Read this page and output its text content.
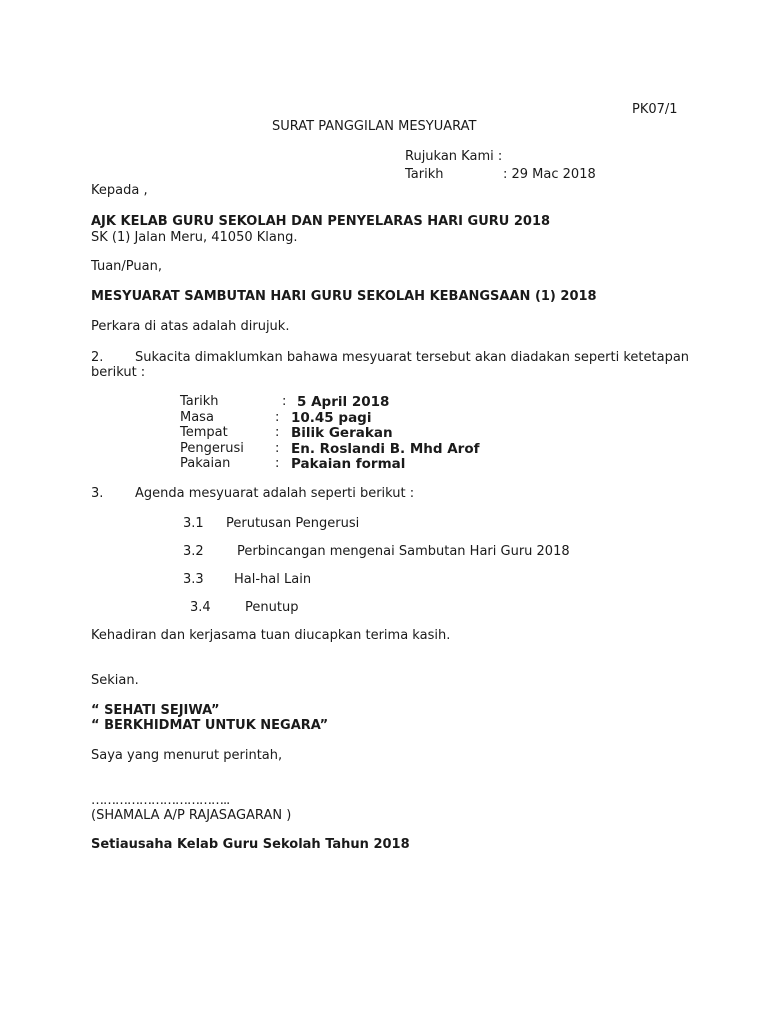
PK07/1
SURAT PANGGILAN MESYUARAT
Rujukan Kami :
Tarikh	: 29 Mac 2018
Kepada ,
AJK KELAB GURU SEKOLAH DAN PENYELARAS HARI GURU 2018
SK (1) Jalan Meru, 41050 Klang.
Tuan/Puan,
MESYUARAT SAMBUTAN HARI GURU SEKOLAH KEBANGSAAN (1) 2018
Perkara di atas adalah dirujuk.
2. Sukacita dimaklumkan bahawa mesyuarat tersebut akan diadakan seperti ketetapan
berikut :
Tarikh	: 5 April 2018
Masa	: 10.45 pagi
Tempat	: Bilik Gerakan
Pengerusi : En. Roslandi B. Mhd Arof
Pakaian	: Pakaian formal
3. Agenda mesyuarat adalah seperti berikut :
3.1 Perutusan Pengerusi
3.2	Perbincangan mengenai Sambutan Hari Guru 2018
3.3 Hal-hal Lain
3.4	Penutup
Kehadiran dan kerjasama tuan diucapkan terima kasih.
Sekian.
“ SEHATI SEJIWA”
“ BERKHIDMAT UNTUK NEGARA”
Saya yang menurut perintah,
……………………………..
(SHAMALA A/P RAJASAGARAN )
Setiausaha Kelab Guru Sekolah Tahun 2018
